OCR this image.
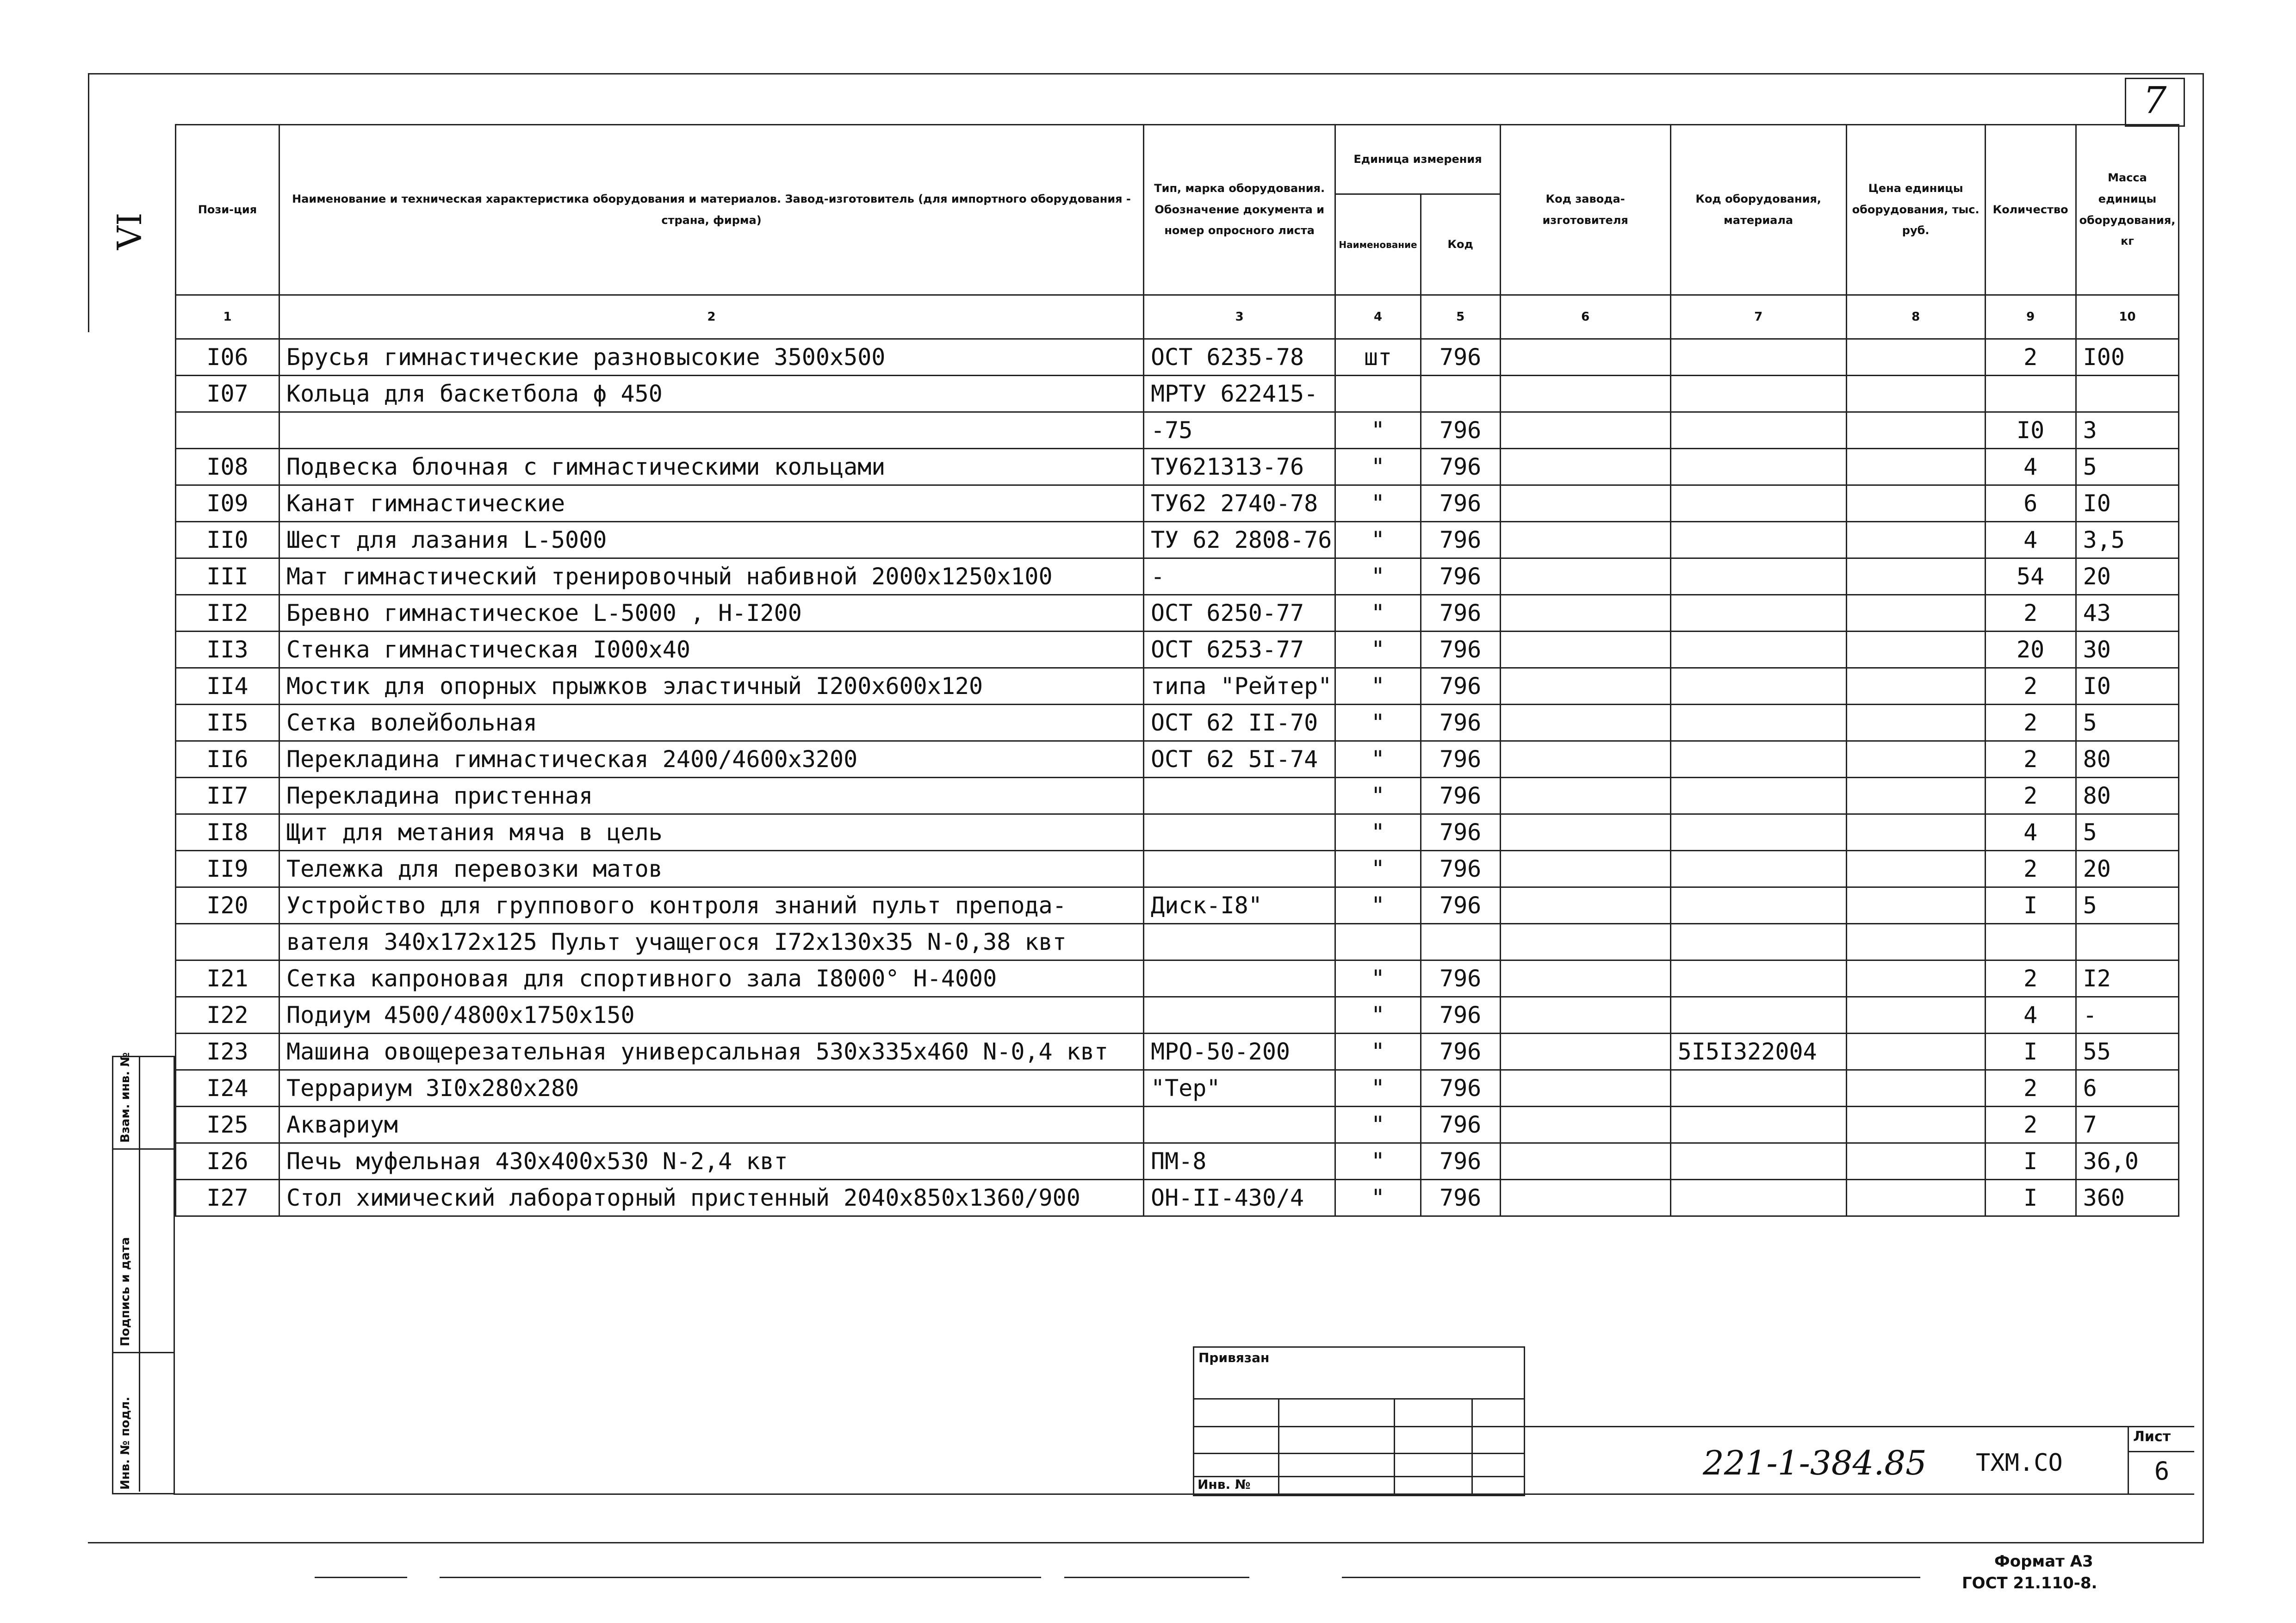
7
VI
Инв. № подл.
Подпись и дата
Взам. инв. №
Пози-ция	Наименование и техническая характеристика оборудования и материалов. Завод-изготовитель (для импортного оборудования - страна, фирма)	Тип, марка оборудования. Обозначение документа и номер опросного листа	Единица измерения		Код завода-изготовителя	Код оборудования, материала	Цена единицы оборудования, тыс. руб.	Количество	Масса единицы оборудования, кг
			Наименование	Код					
1	2	3	4	5	6	7	8	9	10
I06	Брусья гимнастические разновысокие 3500х500	ОСТ 6235-78	шт	796				2	I00
I07	Кольца для баскетбола ϕ 450	МРТУ 622415-							
		-75	"	796				I0	3
I08	Подвеска блочная с гимнастическими кольцами	ТУ621313-76	"	796				4	5
I09	Канат гимнастические	ТУ62 2740-78	"	796				6	I0
II0	Шест для лазания L-5000	ТУ 62 2808-76	"	796				4	3,5
III	Мат гимнастический тренировочный набивной 2000х1250х100	-	"	796				54	20
II2	Бревно гимнастическое L-5000 , Н-I200	ОСТ 6250-77	"	796				2	43
II3	Стенка гимнастическая I000х40	ОСТ 6253-77	"	796				20	30
II4	Мостик для опорных прыжков эластичный I200х600х120	типа "Рейтер"	"	796				2	I0
II5	Сетка волейбольная	ОСТ 62 II-70	"	796				2	5
II6	Перекладина гимнастическая 2400/4600х3200	ОСТ 62 5I-74	"	796				2	80
II7	Перекладина пристенная		"	796				2	80
II8	Щит для метания мяча в цель		"	796				4	5
II9	Тележка для перевозки матов		"	796				2	20
I20	Устройство для группового контроля знаний пульт препода-	Диск-I8"	"	796				I	5
	вателя 340х172х125 Пульт учащегося I72х130х35 N-0,38 квт								
I21	Сетка капроновая для спортивного зала I8000° Н-4000		"	796				2	I2
I22	Подиум 4500/4800х1750х150		"	796				4	-
I23	Машина овощерезательная универсальная 530х335х460 N-0,4 квт	МРО-50-200	"	796		5I5I322004		I	55
I24	Террариум 3I0х280х280	"Тер"	"	796				2	6
I25	Аквариум		"	796				2	7
I26	Печь муфельная 430х400х530 N-2,4 квт	ПМ-8	"	796				I	36,0
I27	Стол химический лабораторный пристенный 2040х850х1360/900	ОН-II-430/4	"	796				I	360
Привязан
Инв. №
221-1-384.85 ТХМ.СО
Лист
6
Формат А3
ГОСТ 21.110-8.
